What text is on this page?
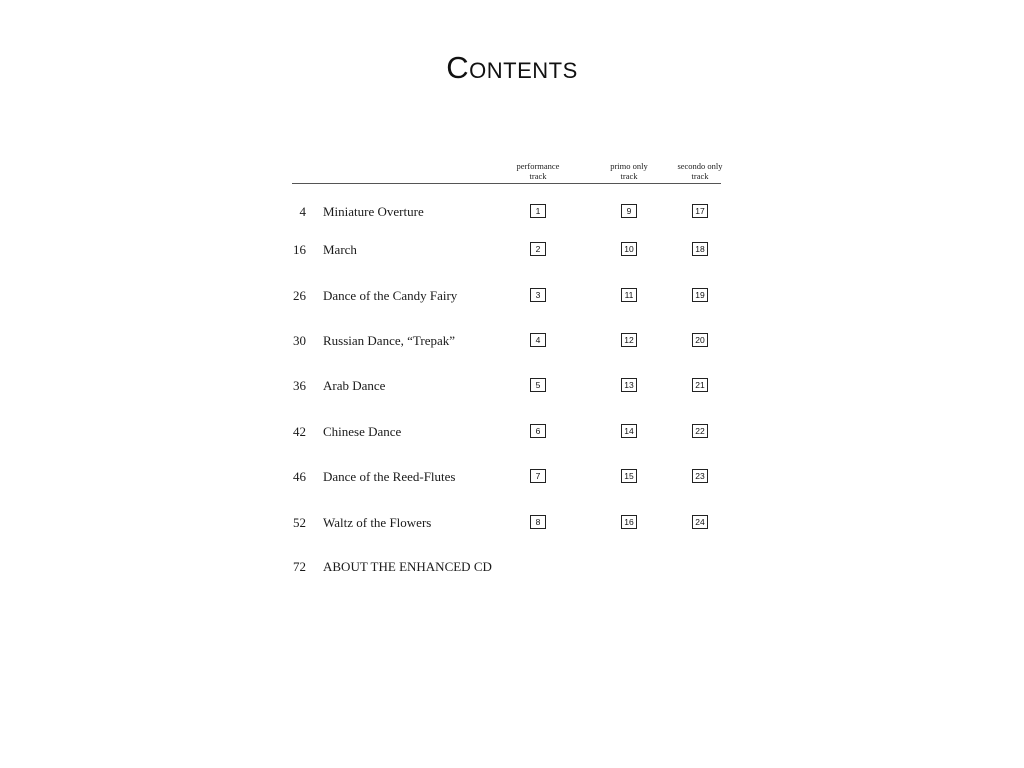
Contents
performance
track
primo only
track
secondo only
track
4 Miniature Overture	1	9	17
16 March	2	10	18
26 Dance of the Candy Fairy	3	11	19
30 Russian Dance, “Trepak”	4	12	20
36 Arab Dance	5	13	21
42 Chinese Dance	6	14	22
46 Dance of the Reed-Flutes	7	15	23
52 Waltz of the Flowers	8	16	24
72 ABOUT THE ENHANCED CD
